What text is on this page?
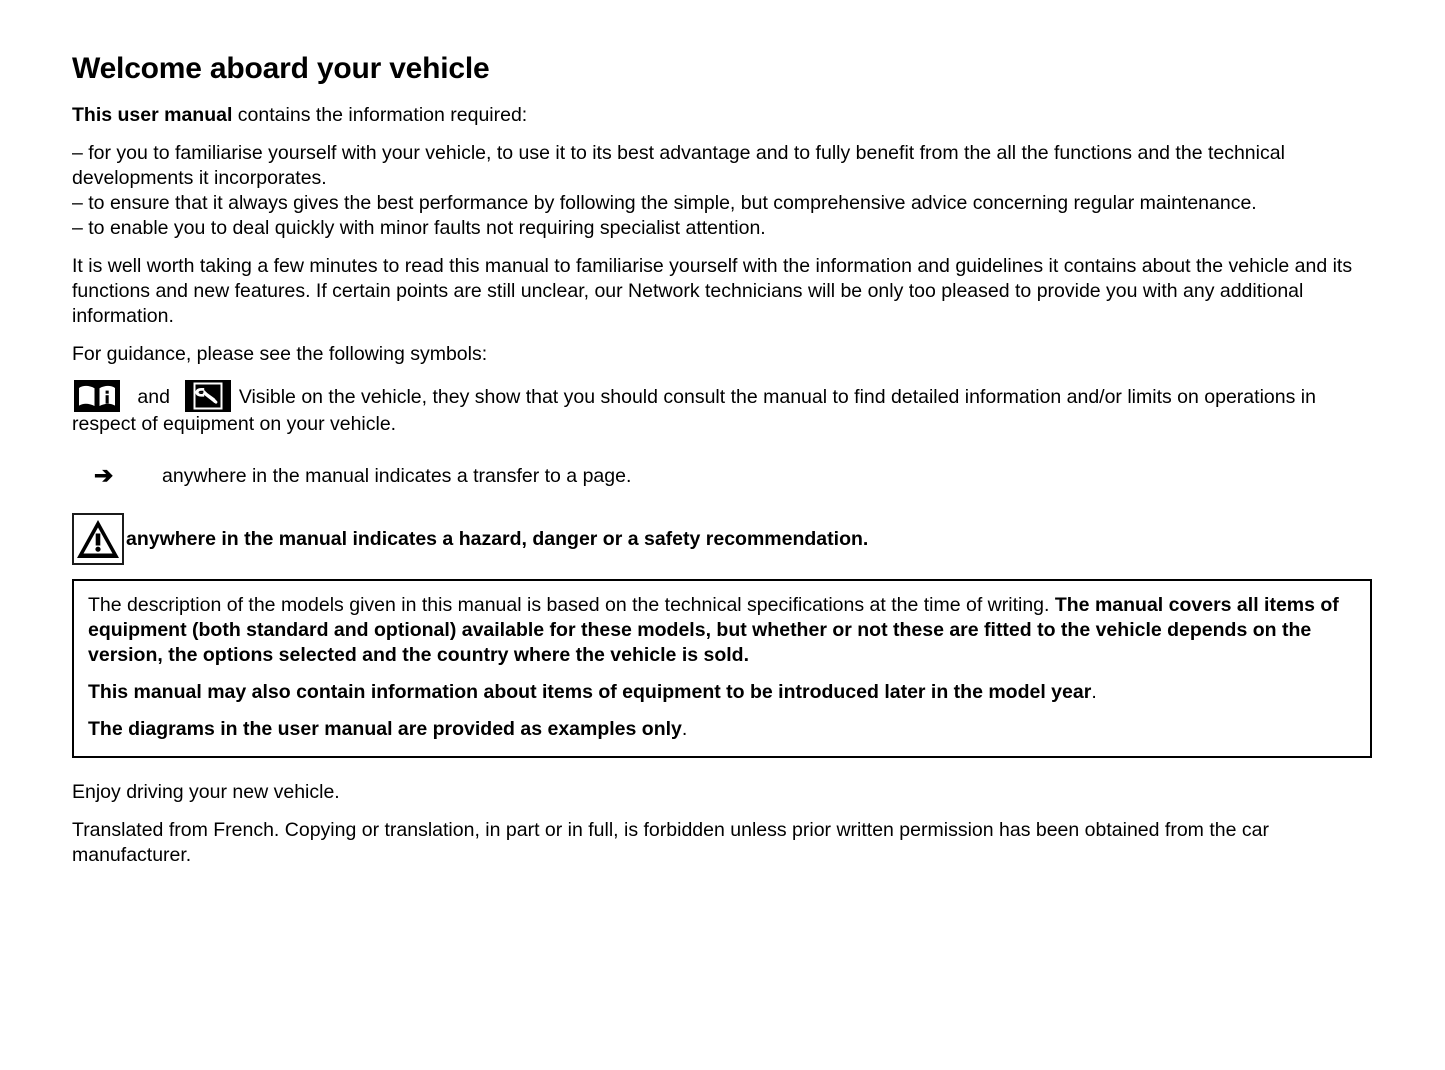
Welcome aboard your vehicle

This user manual contains the information required:

– for you to familiarise yourself with your vehicle, to use it to its best advantage and to fully benefit from the all the functions and the technical developments it incorporates.

– to ensure that it always gives the best performance by following the simple, but comprehensive advice concerning regular maintenance.

– to enable you to deal quickly with minor faults not requiring specialist attention.

It is well worth taking a few minutes to read this manual to familiarise yourself with the information and guidelines it contains about the vehicle and its functions and new features. If certain points are still unclear, our Network technicians will be only too pleased to provide you with any additional information.

For guidance, please see the following symbols:

and	Visible on the vehicle, they show that you should consult the manual to find detailed information and/or limits on operations in respect of equipment on your vehicle.

➔ anywhere in the manual indicates a transfer to a page.

anywhere in the manual indicates a hazard, danger or a safety recommendation.

The description of the models given in this manual is based on the technical specifications at the time of writing. The manual covers all items of equipment (both standard and optional) available for these models, but whether or not these are fitted to the vehicle depends on the version, the options selected and the country where the vehicle is sold.

This manual may also contain information about items of equipment to be introduced later in the model year.

The diagrams in the user manual are provided as examples only.

Enjoy driving your new vehicle.

Translated from French. Copying or translation, in part or in full, is forbidden unless prior written permission has been obtained from the car manufacturer.
